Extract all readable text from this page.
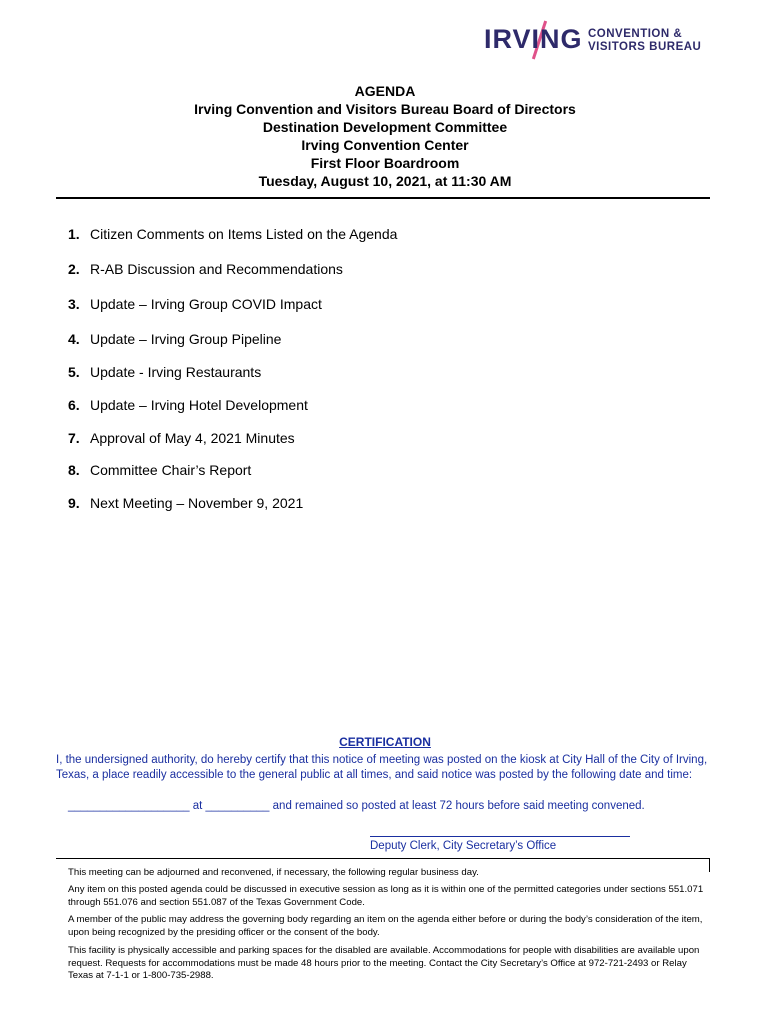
IRVING CONVENTION &
VISITORS BUREAU
AGENDA
Irving Convention and Visitors Bureau Board of Directors
Destination Development Committee
Irving Convention Center
First Floor Boardroom
Tuesday, August 10, 2021, at 11:30 AM
1. Citizen Comments on Items Listed on the Agenda
2. R-AB Discussion and Recommendations
3. Update – Irving Group COVID Impact
4. Update – Irving Group Pipeline
5. Update - Irving Restaurants
6. Update – Irving Hotel Development
7. Approval of May 4, 2021 Minutes
8. Committee Chair’s Report
9. Next Meeting – November 9, 2021
CERTIFICATION
I, the undersigned authority, do hereby certify that this notice of meeting was posted on the kiosk at City Hall of the City of Irving, Texas, a place readily accessible to the general public at all times, and said notice was posted by the following date and time:
___________________ at __________ and remained so posted at least 72 hours before said meeting convened.
Deputy Clerk, City Secretary’s Office
This meeting can be adjourned and reconvened, if necessary, the following regular business day.
Any item on this posted agenda could be discussed in executive session as long as it is within one of the permitted categories under sections 551.071 through 551.076 and section 551.087 of the Texas Government Code.
A member of the public may address the governing body regarding an item on the agenda either before or during the body’s consideration of the item, upon being recognized by the presiding officer or the consent of the body.
This facility is physically accessible and parking spaces for the disabled are available. Accommodations for people with disabilities are available upon request. Requests for accommodations must be made 48 hours prior to the meeting. Contact the City Secretary’s Office at 972-721-2493 or Relay Texas at 7-1-1 or 1-800-735-2988.
